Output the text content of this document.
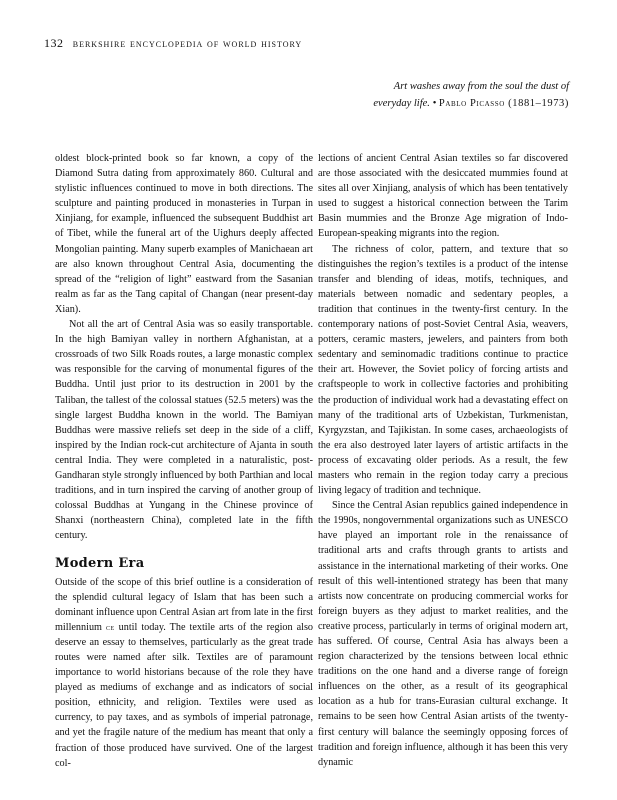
132 berkshire encyclopedia of world history
Art washes away from the soul the dust of
everyday life. • Pablo Picasso (1881–1973)

oldest block-printed book so far known, a copy of the Diamond Sutra dating from approximately 860. Cultural and stylistic influences continued to move in both directions. The sculpture and painting produced in monasteries in Turpan in Xinjiang, for example, influenced the subsequent Buddhist art of Tibet, while the funeral art of the Uighurs deeply affected Mongolian painting. Many superb examples of Manichaean art are also known throughout Central Asia, documenting the spread of the “religion of light” eastward from the Sasanian realm as far as the Tang capital of Changan (near present-day Xian).

Not all the art of Central Asia was so easily transportable. In the high Bamiyan valley in northern Afghanistan, at a crossroads of two Silk Roads routes, a large monastic complex was responsible for the carving of monumental figures of the Buddha. Until just prior to its destruction in 2001 by the Taliban, the tallest of the colossal statues (52.5 meters) was the single largest Buddha known in the world. The Bamiyan Buddhas were massive reliefs set deep in the side of a cliff, inspired by the Indian rock-cut architecture of Ajanta in south central India. They were completed in a naturalistic, post-Gandharan style strongly influenced by both Parthian and local traditions, and in turn inspired the carving of another group of colossal Buddhas at Yungang in the Chinese province of Shanxi (northeastern China), completed late in the fifth century.

Modern Era

Outside of the scope of this brief outline is a consideration of the splendid cultural legacy of Islam that has been such a dominant influence upon Central Asian art from late in the first millennium ce until today. The textile arts of the region also deserve an essay to themselves, particularly as the great trade routes were named after silk. Textiles are of paramount importance to world historians because of the role they have played as mediums of exchange and as indicators of social position, ethnicity, and religion. Textiles were used as currency, to pay taxes, and as symbols of imperial patronage, and yet the fragile nature of the medium has meant that only a fraction of those produced have survived. One of the largest col-

lections of ancient Central Asian textiles so far discovered are those associated with the desiccated mummies found at sites all over Xinjiang, analysis of which has been tentatively used to suggest a historical connection between the Tarim Basin mummies and the Bronze Age migration of Indo-European-speaking migrants into the region.

The richness of color, pattern, and texture that so distinguishes the region’s textiles is a product of the intense transfer and blending of ideas, motifs, techniques, and materials between nomadic and sedentary peoples, a tradition that continues in the twenty-first century. In the contemporary nations of post-Soviet Central Asia, weavers, potters, ceramic masters, jewelers, and painters from both sedentary and seminomadic traditions continue to practice their art. However, the Soviet policy of forcing artists and craftspeople to work in collective factories and prohibiting the production of individual work had a devastating effect on many of the traditional arts of Uzbekistan, Turkmenistan, Kyrgyzstan, and Tajikistan. In some cases, archaeologists of the era also destroyed later layers of artistic artifacts in the process of excavating older periods. As a result, the few masters who remain in the region today carry a precious living legacy of tradition and technique.

Since the Central Asian republics gained independence in the 1990s, nongovernmental organizations such as UNESCO have played an important role in the renaissance of traditional arts and crafts through grants to artists and assistance in the international marketing of their works. One result of this well-intentioned strategy has been that many artists now concentrate on producing commercial works for foreign buyers as they adjust to market realities, and the creative process, particularly in terms of original modern art, has suffered. Of course, Central Asia has always been a region characterized by the tensions between local ethnic traditions on the one hand and a diverse range of foreign influences on the other, as a result of its geographical location as a hub for trans-Eurasian cultural exchange. It remains to be seen how Central Asian artists of the twenty-first century will balance the seemingly opposing forces of tradition and foreign influence, although it has been this very dynamic
